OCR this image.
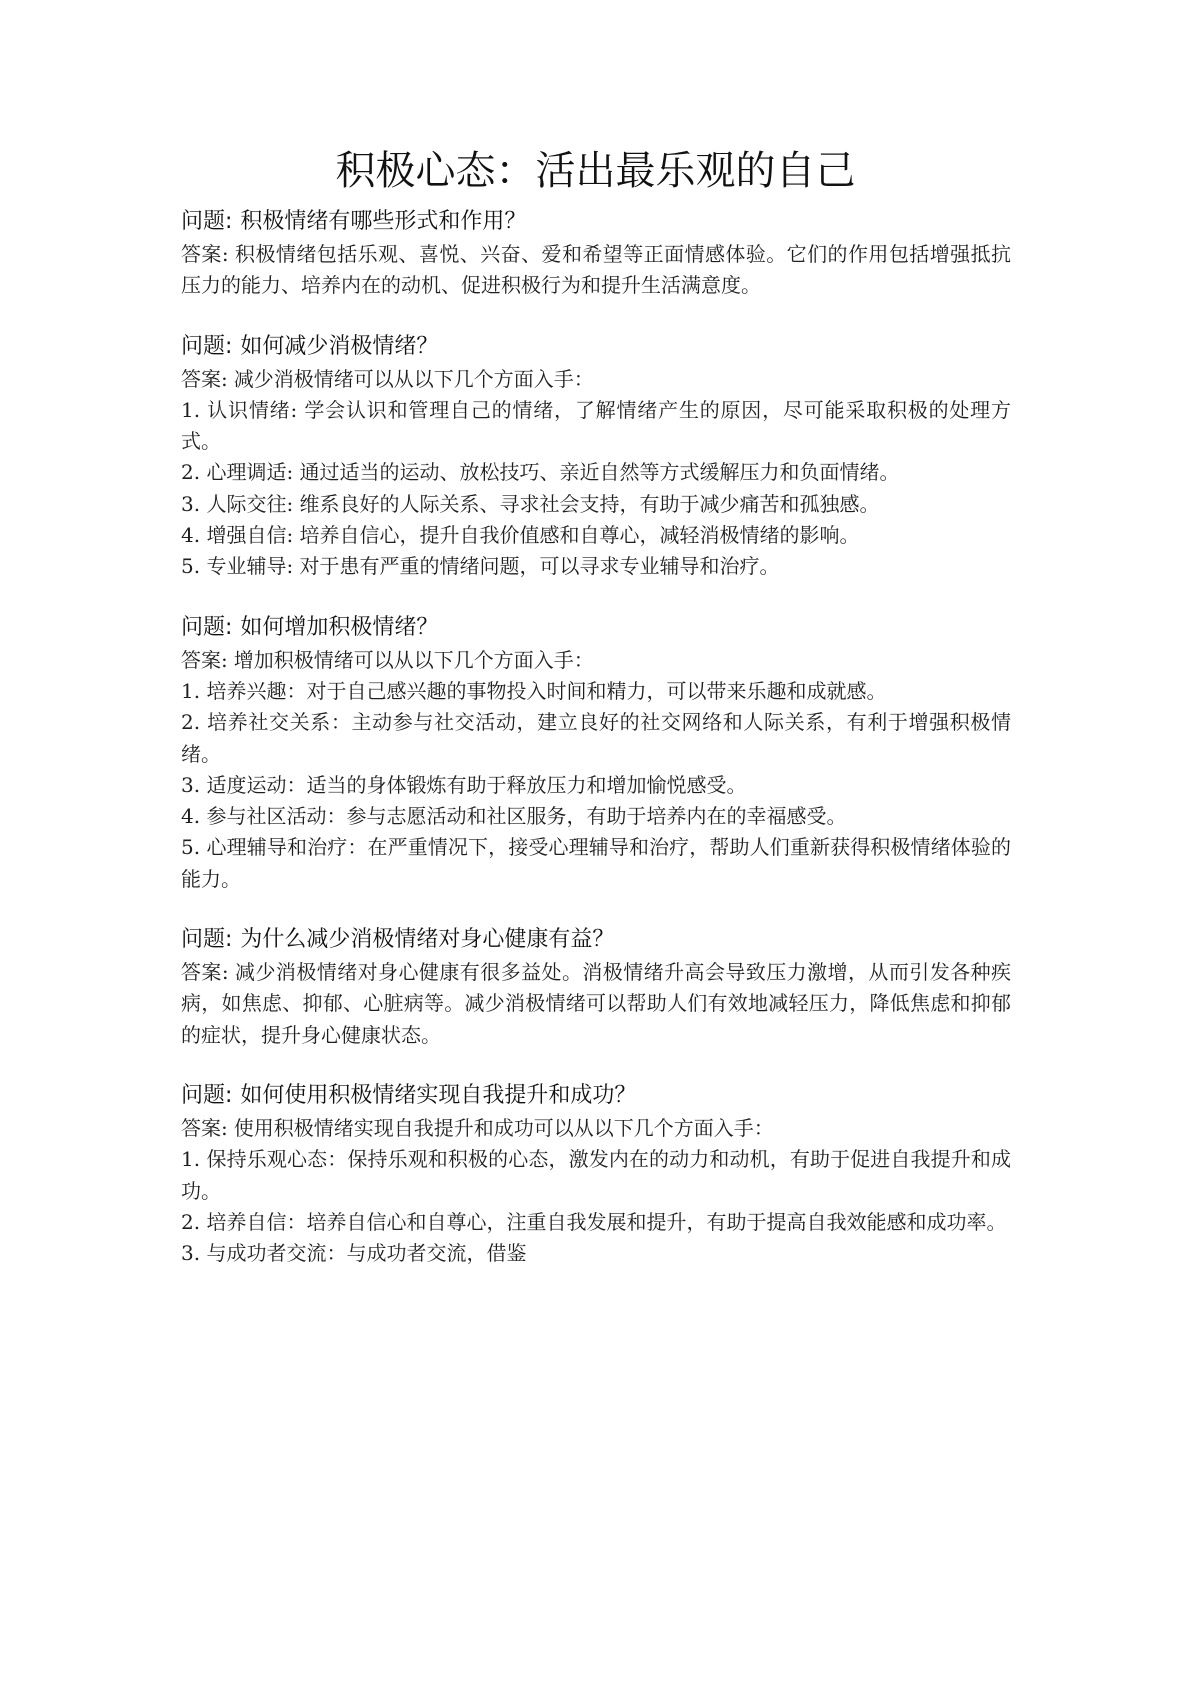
积极心态：活出最乐观的自己

问题: 积极情绪有哪些形式和作用？

答案: 积极情绪包括乐观、喜悦、兴奋、爱和希望等正面情感体验。它们的作用包括增强抵抗压力的能力、培养内在的动机、促进积极行为和提升生活满意度。

问题: 如何减少消极情绪？

答案: 减少消极情绪可以从以下几个方面入手：

1. 认识情绪: 学会认识和管理自己的情绪，了解情绪产生的原因，尽可能采取积极的处理方式。

2. 心理调适: 通过适当的运动、放松技巧、亲近自然等方式缓解压力和负面情绪。

3. 人际交往: 维系良好的人际关系、寻求社会支持，有助于减少痛苦和孤独感。

4. 增强自信: 培养自信心，提升自我价值感和自尊心，减轻消极情绪的影响。

5. 专业辅导: 对于患有严重的情绪问题，可以寻求专业辅导和治疗。

问题: 如何增加积极情绪？

答案: 增加积极情绪可以从以下几个方面入手：

1. 培养兴趣：对于自己感兴趣的事物投入时间和精力，可以带来乐趣和成就感。

2. 培养社交关系：主动参与社交活动，建立良好的社交网络和人际关系，有利于增强积极情绪。

3. 适度运动：适当的身体锻炼有助于释放压力和增加愉悦感受。

4. 参与社区活动：参与志愿活动和社区服务，有助于培养内在的幸福感受。

5. 心理辅导和治疗：在严重情况下，接受心理辅导和治疗，帮助人们重新获得积极情绪体验的能力。

问题: 为什么减少消极情绪对身心健康有益？

答案: 减少消极情绪对身心健康有很多益处。消极情绪升高会导致压力激增，从而引发各种疾病，如焦虑、抑郁、心脏病等。减少消极情绪可以帮助人们有效地减轻压力，降低焦虑和抑郁的症状，提升身心健康状态。

问题: 如何使用积极情绪实现自我提升和成功？

答案: 使用积极情绪实现自我提升和成功可以从以下几个方面入手：

1. 保持乐观心态：保持乐观和积极的心态，激发内在的动力和动机，有助于促进自我提升和成功。

2. 培养自信：培养自信心和自尊心，注重自我发展和提升，有助于提高自我效能感和成功率。

3. 与成功者交流：与成功者交流，借鉴
